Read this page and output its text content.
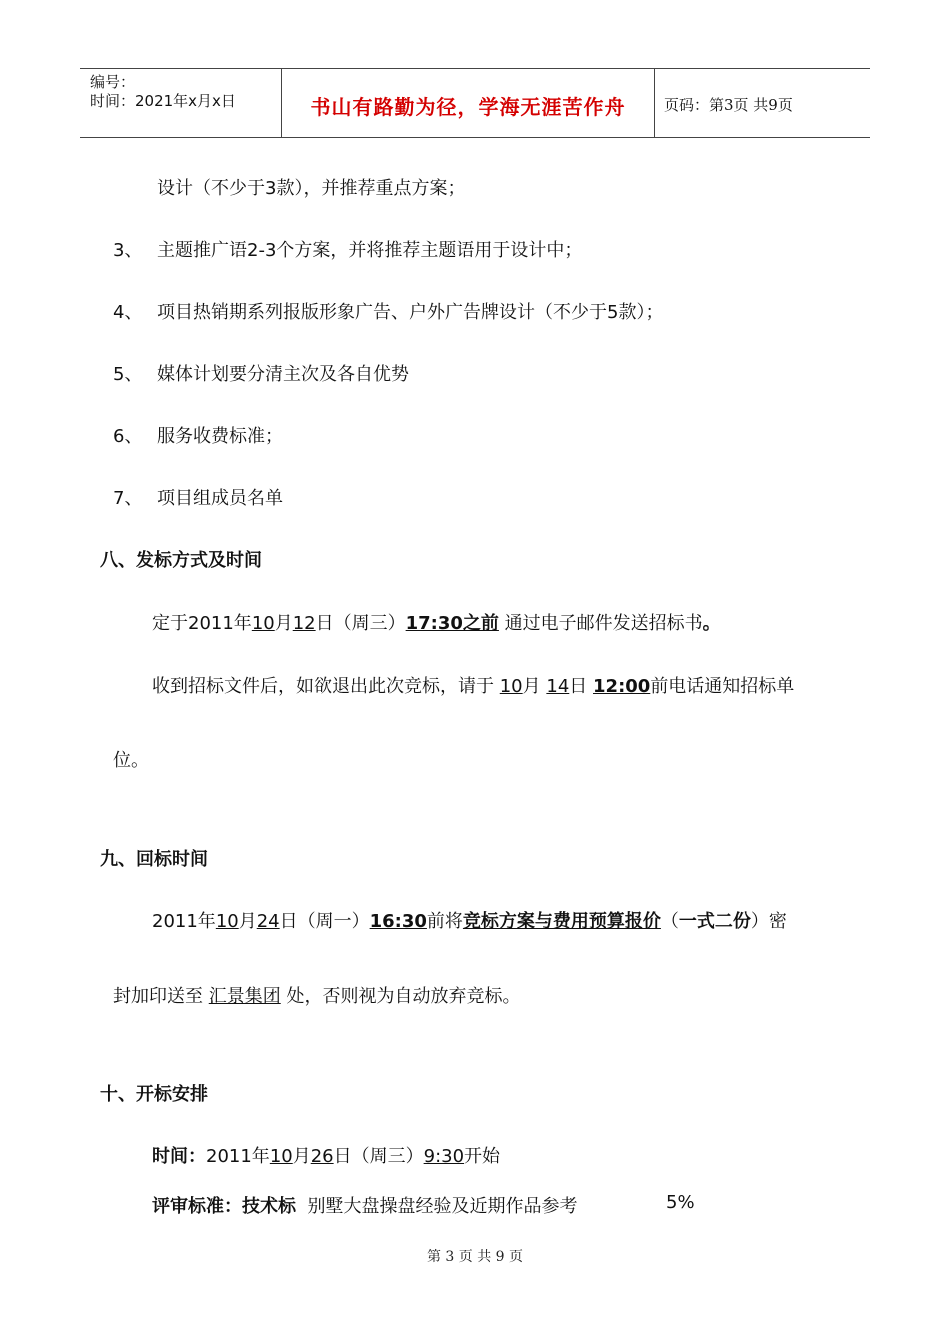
编号：
时间：2021年x月x日	书山有路勤为径，学海无涯苦作舟	页码：第3页 共9页
设计（不少于3款），并推荐重点方案；
3、 主题推广语2-3个方案，并将推荐主题语用于设计中；
4、 项目热销期系列报版形象广告、户外广告牌设计（不少于5款）；
5、 媒体计划要分清主次及各自优势
6、 服务收费标准；
7、 项目组成员名单
八、发标方式及时间
定于2011年10月12日（周三）17:30之前 通过电子邮件发送招标书。
收到招标文件后，如欲退出此次竞标，请于 10月 14日 12:00前电话通知招标单
位。
九、回标时间
2011年10月24日（周一）16:30前将竞标方案与费用预算报价（一式二份）密
封加印送至 汇景集团 处，否则视为自动放弃竞标。
十、开标安排
时间：2011年10月26日（周三）9:30开始
评审标准：技术标 别墅大盘操盘经验及近期作品参考	5%
第 3 页 共 9 页
